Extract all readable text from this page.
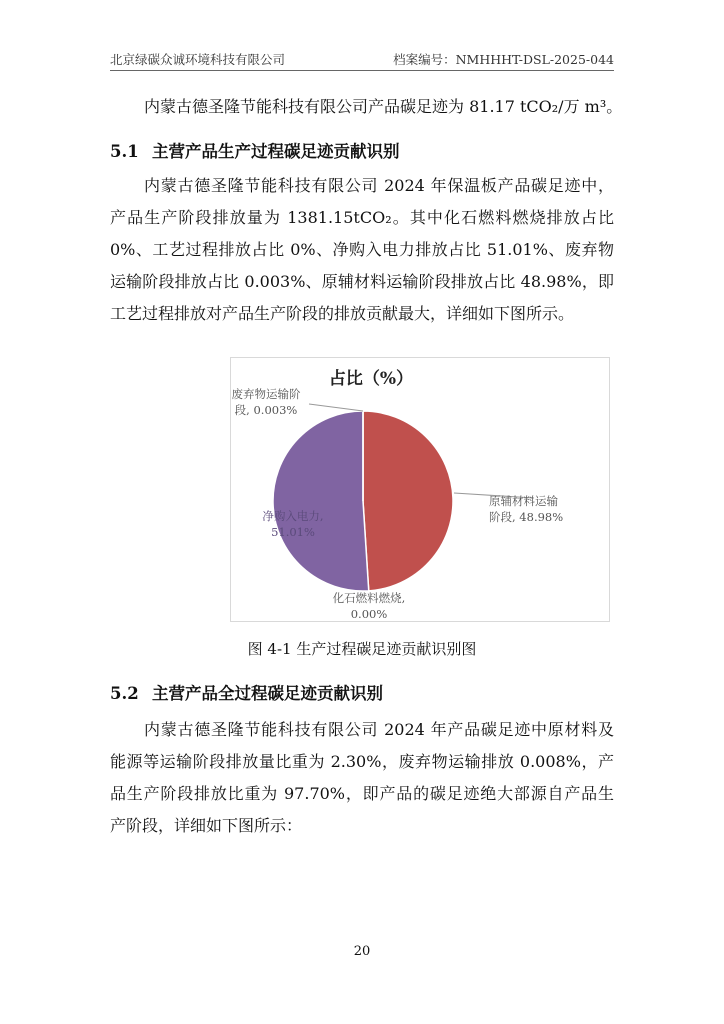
北京绿碳众诚环境科技有限公司	档案编号：NMHHHT-DSL-2025-044
内蒙古德圣隆节能科技有限公司产品碳足迹为 81.17 tCO₂/万 m³。
5.1 主营产品生产过程碳足迹贡献识别
内蒙古德圣隆节能科技有限公司 2024 年保温板产品碳足迹中，
产品生产阶段排放量为 1381.15tCO₂。其中化石燃料燃烧排放占比
0%、工艺过程排放占比 0%、净购入电力排放占比 51.01%、废弃物
运输阶段排放占比 0.003%、原辅材料运输阶段排放占比 48.98%，即
工艺过程排放对产品生产阶段的排放贡献最大，详细如下图所示。
占比（%）
原辅材料运输
阶段, 48.98%
化石燃料燃烧,
0.00%
净购入电力,
51.01%
废弃物运输阶
段, 0.003%
图 4-1 生产过程碳足迹贡献识别图
5.2 主营产品全过程碳足迹贡献识别
内蒙古德圣隆节能科技有限公司 2024 年产品碳足迹中原材料及
能源等运输阶段排放量比重为 2.30%，废弃物运输排放 0.008%，产
品生产阶段排放比重为 97.70%，即产品的碳足迹绝大部源自产品生
产阶段，详细如下图所示：
20
